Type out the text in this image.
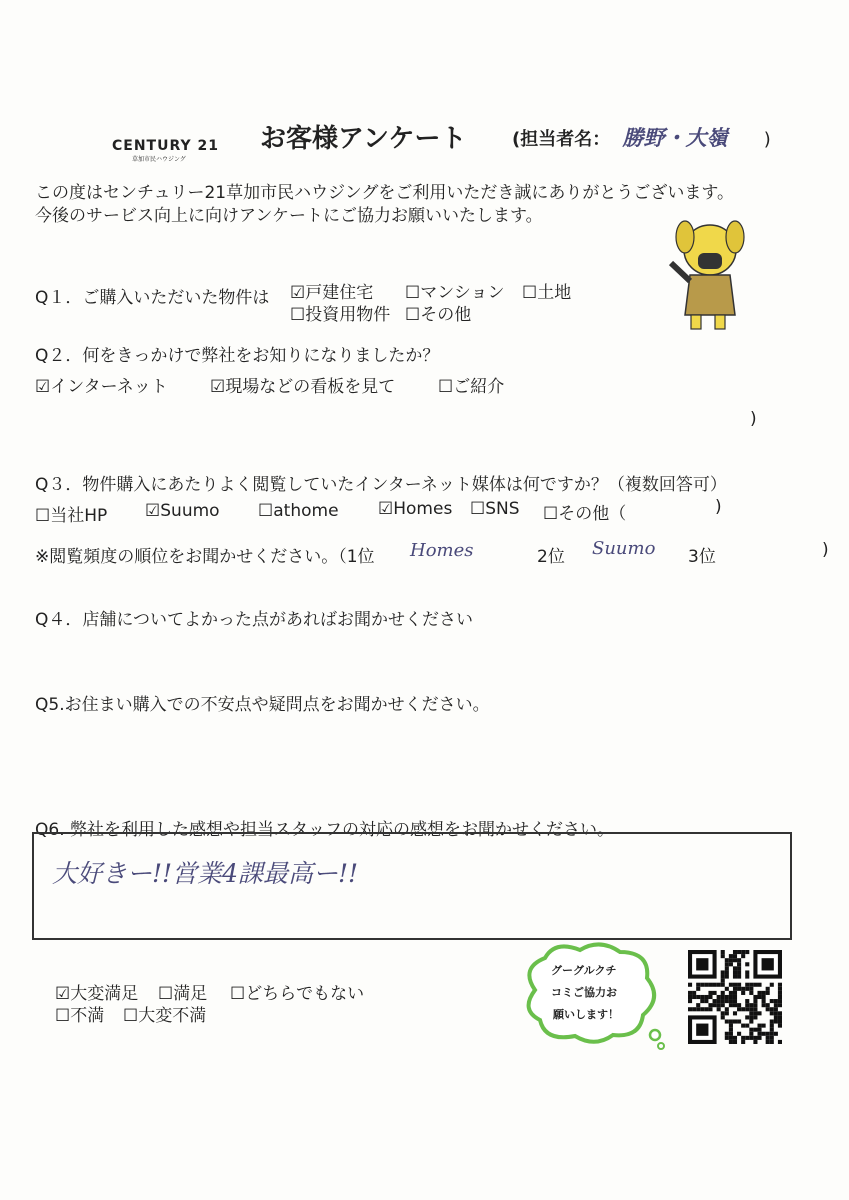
CENTURY 21
草加市民ハウジング
お客様アンケート	(担当者名： 勝野・大嶺 )
この度はセンチュリー21草加市民ハウジングをご利用いただき誠にありがとうございます。
今後のサービス向上に向けアンケートにご協力お願いいたします。
Q１．ご購入いただいた物件は ☑戸建住宅 ☐マンション ☐土地
☐投資用物件 ☐その他
Q２．何をきっかけで弊社をお知りになりましたか？
☑インターネット ☑現場などの看板を見て	☐ご紹介
)
Q３．物件購入にあたりよく閲覧していたインターネット媒体は何ですか？（複数回答可）
☐当社HP ☑Suumo ☐athome ☑Homes ☐SNS ☐その他（	)
※閲覧頻度の順位をお聞かせください。（1位 Homes	2位 Suumo 3位	)
Q４．店舗についてよかった点があればお聞かせください
Q5.お住まい購入での不安点や疑問点をお聞かせください。
Q6. 弊社を利用した感想や担当スタッフの対応の感想をお聞かせください。
大好きー!!営業4課最高ー!!
☑大変満足 ☐満足 ☐どちらでもない
☐不満 ☐大変不満
グーグルクチ
コミご協力お
願いします！
